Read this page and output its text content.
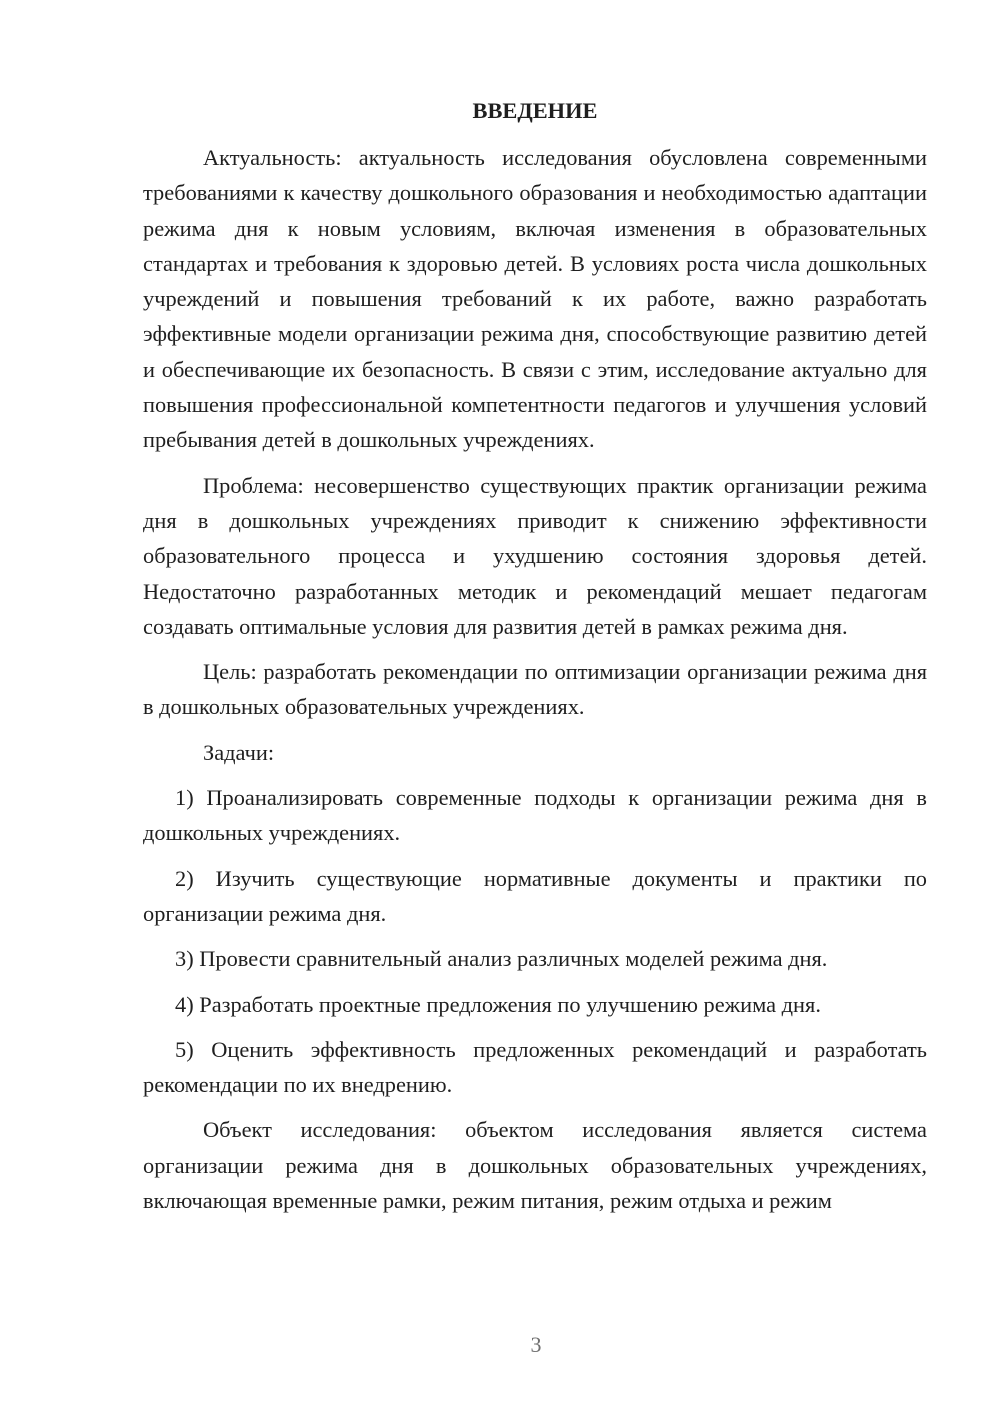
ВВЕДЕНИЕ

Актуальность: актуальность исследования обусловлена современными требованиями к качеству дошкольного образования и необходимостью адаптации режима дня к новым условиям, включая изменения в образовательных стандартах и требования к здоровью детей. В условиях роста числа дошкольных учреждений и повышения требований к их работе, важно разработать эффективные модели организации режима дня, способствующие развитию детей и обеспечивающие их безопасность. В связи с этим, исследование актуально для повышения профессиональной компетентности педагогов и улучшения условий пребывания детей в дошкольных учреждениях.

Проблема: несовершенство существующих практик организации режима дня в дошкольных учреждениях приводит к снижению эффективности образовательного процесса и ухудшению состояния здоровья детей. Недостаточно разработанных методик и рекомендаций мешает педагогам создавать оптимальные условия для развития детей в рамках режима дня.

Цель: разработать рекомендации по оптимизации организации режима дня в дошкольных образовательных учреждениях.

Задачи:

1) Проанализировать современные подходы к организации режима дня в дошкольных учреждениях.

2) Изучить существующие нормативные документы и практики по организации режима дня.

3) Провести сравнительный анализ различных моделей режима дня.

4) Разработать проектные предложения по улучшению режима дня.

5) Оценить эффективность предложенных рекомендаций и разработать рекомендации по их внедрению.

Объект исследования: объектом исследования является система организации режима дня в дошкольных образовательных учреждениях, включающая временные рамки, режим питания, режим отдыха и режим

3
